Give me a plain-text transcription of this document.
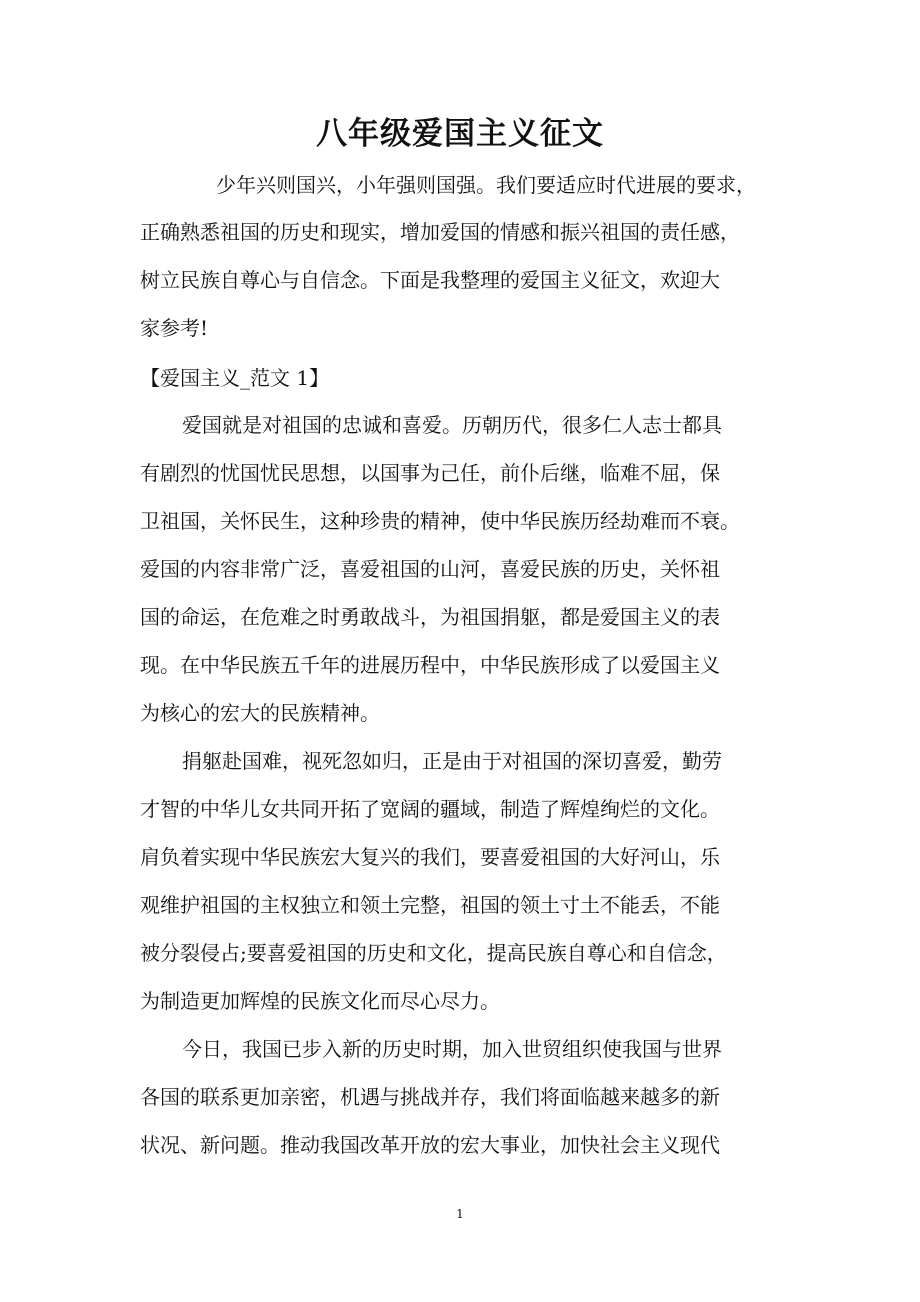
八年级爱国主义征文
少年兴则国兴，小年强则国强。我们要适应时代进展的要求，
正确熟悉祖国的历史和现实，增加爱国的情感和振兴祖国的责任感，
树立民族自尊心与自信念。下面是我整理的爱国主义征文，欢迎大
家参考!
【爱国主义_范文 1】
爱国就是对祖国的忠诚和喜爱。历朝历代，很多仁人志士都具
有剧烈的忧国忧民思想，以国事为己任，前仆后继，临难不屈，保
卫祖国，关怀民生，这种珍贵的精神，使中华民族历经劫难而不衰。
爱国的内容非常广泛，喜爱祖国的山河，喜爱民族的历史，关怀祖
国的命运，在危难之时勇敢战斗，为祖国捐躯，都是爱国主义的表
现。在中华民族五千年的进展历程中，中华民族形成了以爱国主义
为核心的宏大的民族精神。
捐躯赴国难，视死忽如归，正是由于对祖国的深切喜爱，勤劳
才智的中华儿女共同开拓了宽阔的疆域，制造了辉煌绚烂的文化。
肩负着实现中华民族宏大复兴的我们，要喜爱祖国的大好河山，乐
观维护祖国的主权独立和领土完整，祖国的领土寸土不能丢，不能
被分裂侵占;要喜爱祖国的历史和文化，提高民族自尊心和自信念，
为制造更加辉煌的民族文化而尽心尽力。
今日，我国已步入新的历史时期，加入世贸组织使我国与世界
各国的联系更加亲密，机遇与挑战并存，我们将面临越来越多的新
状况、新问题。推动我国改革开放的宏大事业，加快社会主义现代
1
